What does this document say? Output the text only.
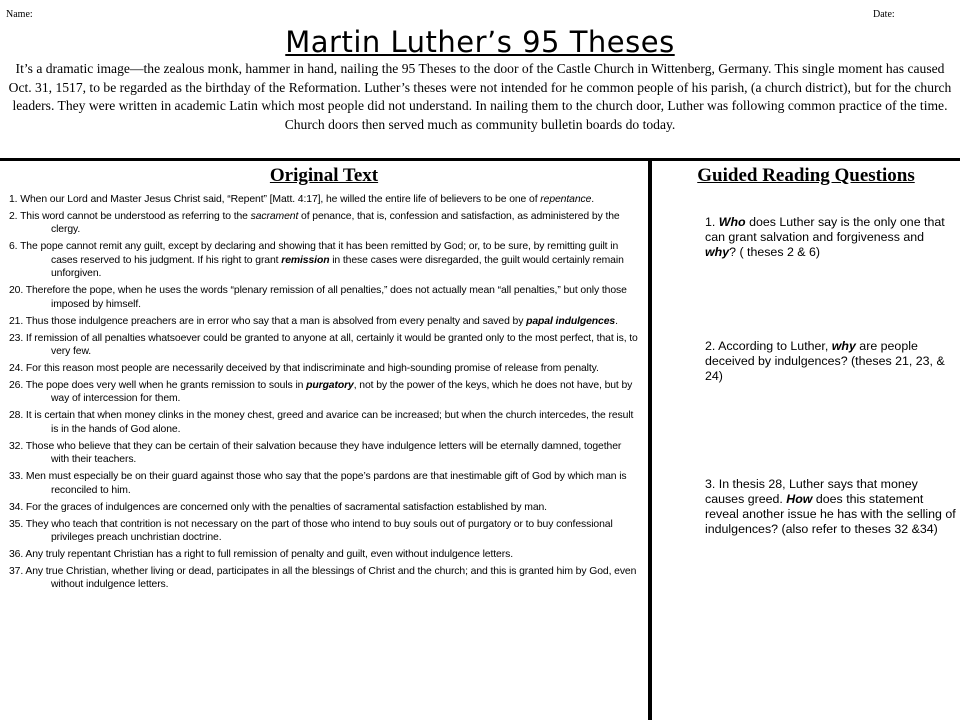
Name:	Date:
Martin Luther’s 95 Theses
It’s a dramatic image—the zealous monk, hammer in hand, nailing the 95 Theses to the door of the Castle Church in Wittenberg, Germany. This single moment has caused Oct. 31, 1517, to be regarded as the birthday of the Reformation. Luther’s theses were not intended for he common people of his parish, (a church district), but for the church leaders. They were written in academic Latin which most people did not understand. In nailing them to the church door, Luther was following common practice of the time. Church doors then served much as community bulletin boards do today.
Original Text
1. When our Lord and Master Jesus Christ said, “Repent” [Matt. 4:17], he willed the entire life of believers to be one of repentance.
2. This word cannot be understood as referring to the sacrament of penance, that is, confession and satisfaction, as administered by the clergy.
6. The pope cannot remit any guilt, except by declaring and showing that it has been remitted by God; or, to be sure, by remitting guilt in cases reserved to his judgment. If his right to grant remission in these cases were disregarded, the guilt would certainly remain unforgiven.
20. Therefore the pope, when he uses the words “plenary remission of all penalties,” does not actually mean “all penalties,” but only those imposed by himself.
21. Thus those indulgence preachers are in error who say that a man is absolved from every penalty and saved by papal indulgences.
23. If remission of all penalties whatsoever could be granted to anyone at all, certainly it would be granted only to the most perfect, that is, to very few.
24. For this reason most people are necessarily deceived by that indiscriminate and high-sounding promise of release from penalty.
26. The pope does very well when he grants remission to souls in purgatory, not by the power of the keys, which he does not have, but by way of intercession for them.
28. It is certain that when money clinks in the money chest, greed and avarice can be increased; but when the church intercedes, the result is in the hands of God alone.
32. Those who believe that they can be certain of their salvation because they have indulgence letters will be eternally damned, together with their teachers.
33. Men must especially be on their guard against those who say that the pope’s pardons are that inestimable gift of God by which man is reconciled to him.
34. For the graces of indulgences are concerned only with the penalties of sacramental satisfaction established by man.
35. They who teach that contrition is not necessary on the part of those who intend to buy souls out of purgatory or to buy confessional privileges preach unchristian doctrine.
36. Any truly repentant Christian has a right to full remission of penalty and guilt, even without indulgence letters.
37. Any true Christian, whether living or dead, participates in all the blessings of Christ and the church; and this is granted him by God, even without indulgence letters.
Guided Reading Questions
1. Who does Luther say is the only one that can grant salvation and forgiveness and why? ( theses 2 & 6)
2. According to Luther, why are people deceived by indulgences? (theses 21, 23, & 24)
3. In thesis 28, Luther says that money causes greed. How does this statement reveal another issue he has with the selling of indulgences? (also refer to theses 32 &34)
